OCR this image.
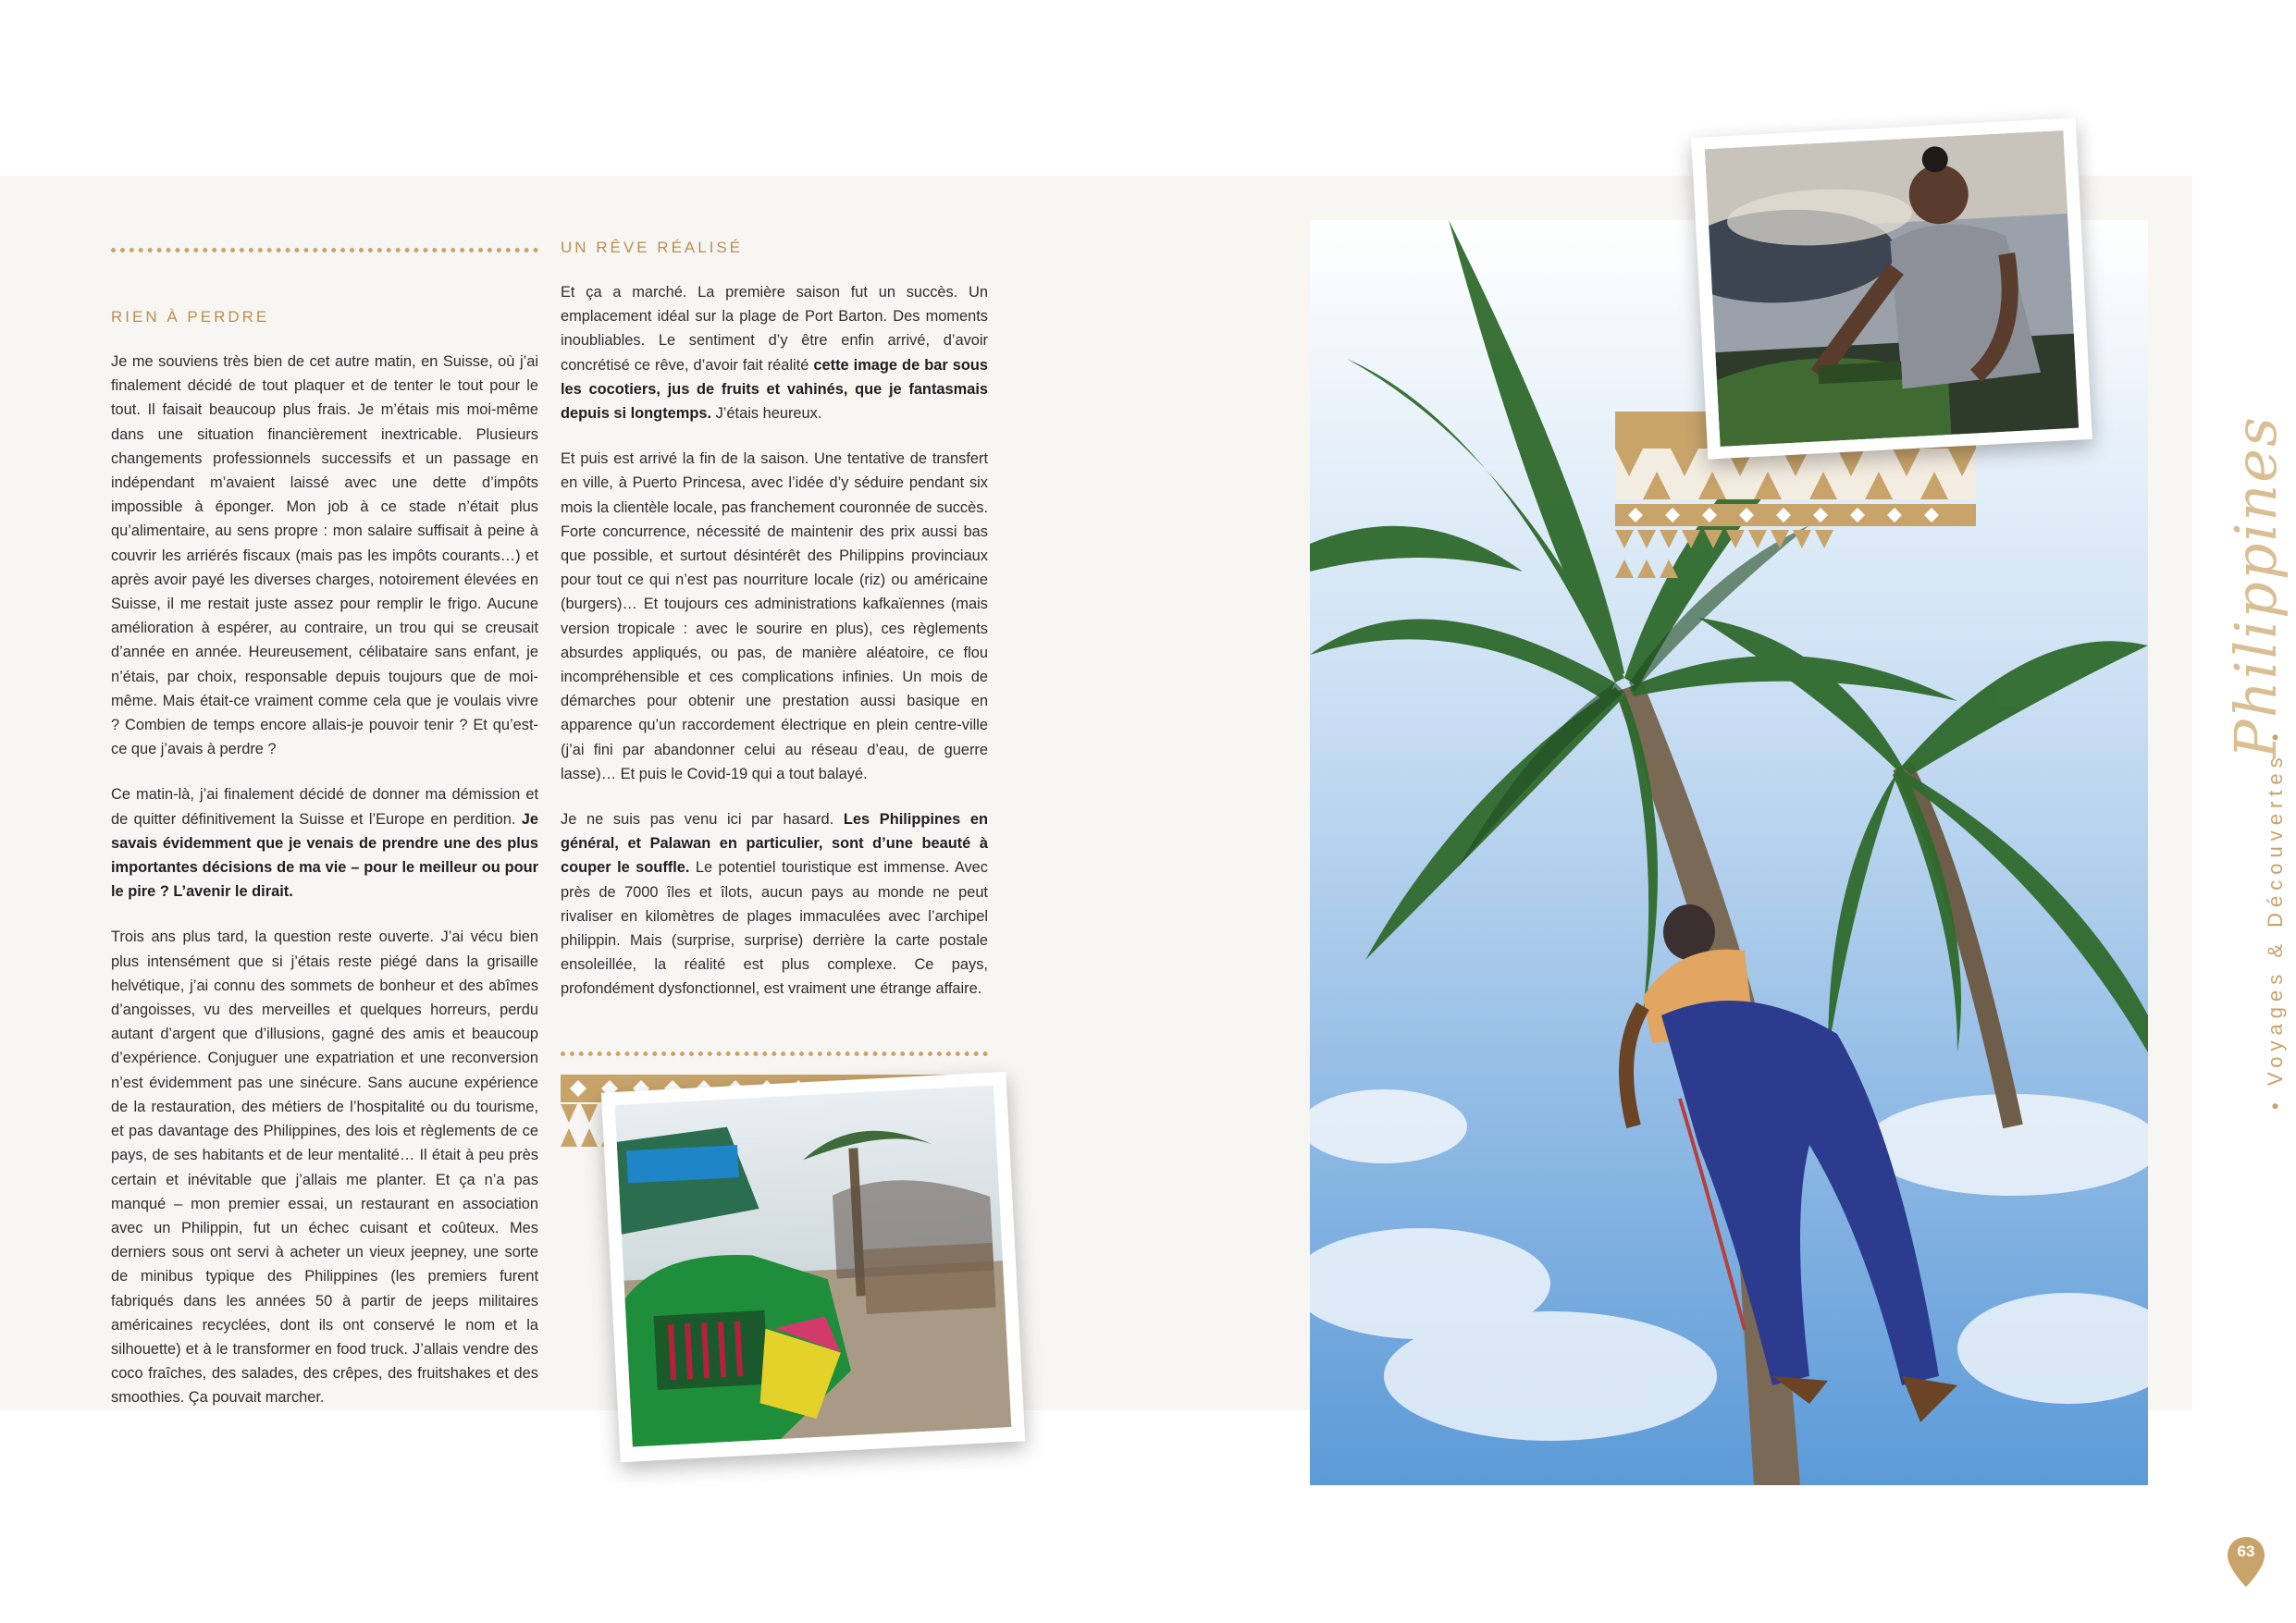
RIEN À PERDRE

Je me souviens très bien de cet autre matin, en Suisse, où j’ai finalement décidé de tout plaquer et de tenter le tout pour le tout. Il faisait beaucoup plus frais. Je m’étais mis moi-même dans une situation financièrement inextricable. Plusieurs changements professionnels successifs et un passage en indépendant m’avaient laissé avec une dette d’impôts impossible à éponger. Mon job à ce stade n’était plus qu’alimentaire, au sens propre : mon salaire suffisait à peine à couvrir les arriérés fiscaux (mais pas les impôts courants…) et après avoir payé les diverses charges, notoirement élevées en Suisse, il me restait juste assez pour remplir le frigo. Aucune amélioration à espérer, au contraire, un trou qui se creusait d’année en année. Heureusement, célibataire sans enfant, je n’étais, par choix, responsable depuis toujours que de moi-même. Mais était-ce vraiment comme cela que je voulais vivre ? Combien de temps encore allais-je pouvoir tenir ? Et qu’est-ce que j’avais à perdre ?

Ce matin-là, j’ai finalement décidé de donner ma démission et de quitter définitivement la Suisse et l’Europe en perdition. Je savais évidemment que je venais de prendre une des plus importantes décisions de ma vie – pour le meilleur ou pour le pire ? L’avenir le dirait.

Trois ans plus tard, la question reste ouverte. J’ai vécu bien plus intensément que si j’étais reste piégé dans la grisaille helvétique, j’ai connu des sommets de bonheur et des abîmes d’angoisses, vu des merveilles et quelques horreurs, perdu autant d’argent que d’illusions, gagné des amis et beaucoup d’expérience. Conjuguer une expatriation et une reconversion n’est évidemment pas une sinécure. Sans aucune expérience de la restauration, des métiers de l’hospitalité ou du tourisme, et pas davantage des Philippines, des lois et règlements de ce pays, de ses habitants et de leur mentalité… Il était à peu près certain et inévitable que j’allais me planter. Et ça n’a pas manqué – mon premier essai, un restaurant en association avec un Philippin, fut un échec cuisant et coûteux. Mes derniers sous ont servi à acheter un vieux jeepney, une sorte de minibus typique des Philippines (les premiers furent fabriqués dans les années 50 à partir de jeeps militaires américaines recyclées, dont ils ont conservé le nom et la silhouette) et à le transformer en food truck. J’allais vendre des coco fraîches, des salades, des crêpes, des fruitshakes et des smoothies. Ça pouvait marcher.

UN RÊVE RÉALISÉ

Et ça a marché. La première saison fut un succès. Un emplacement idéal sur la plage de Port Barton. Des moments inoubliables. Le sentiment d’y être enfin arrivé, d’avoir concrétisé ce rêve, d’avoir fait réalité cette image de bar sous les cocotiers, jus de fruits et vahinés, que je fantasmais depuis si longtemps. J’étais heureux.

Et puis est arrivé la fin de la saison. Une tentative de transfert en ville, à Puerto Princesa, avec l’idée d’y séduire pendant six mois la clientèle locale, pas franchement couronnée de succès. Forte concurrence, nécessité de maintenir des prix aussi bas que possible, et surtout désintérêt des Philippins provinciaux pour tout ce qui n’est pas nourriture locale (riz) ou américaine (burgers)… Et toujours ces administrations kafkaïennes (mais version tropicale : avec le sourire en plus), ces règlements absurdes appliqués, ou pas, de manière aléatoire, ce flou incompréhensible et ces complications infinies. Un mois de démarches pour obtenir une prestation aussi basique en apparence qu’un raccordement électrique en plein centre-ville (j’ai fini par abandonner celui au réseau d’eau, de guerre lasse)… Et puis le Covid-19 qui a tout balayé.

Je ne suis pas venu ici par hasard. Les Philippines en général, et Palawan en particulier, sont d’une beauté à couper le souffle. Le potentiel touristique est immense. Avec près de 7000 îles et îlots, aucun pays au monde ne peut rivaliser en kilomètres de plages immaculées avec l’archipel philippin. Mais (surprise, surprise) derrière la carte postale ensoleillée, la réalité est plus complexe. Ce pays, profondément dysfonctionnel, est vraiment une étrange affaire.

Philippines
• Voyages & Découvertes •
63
